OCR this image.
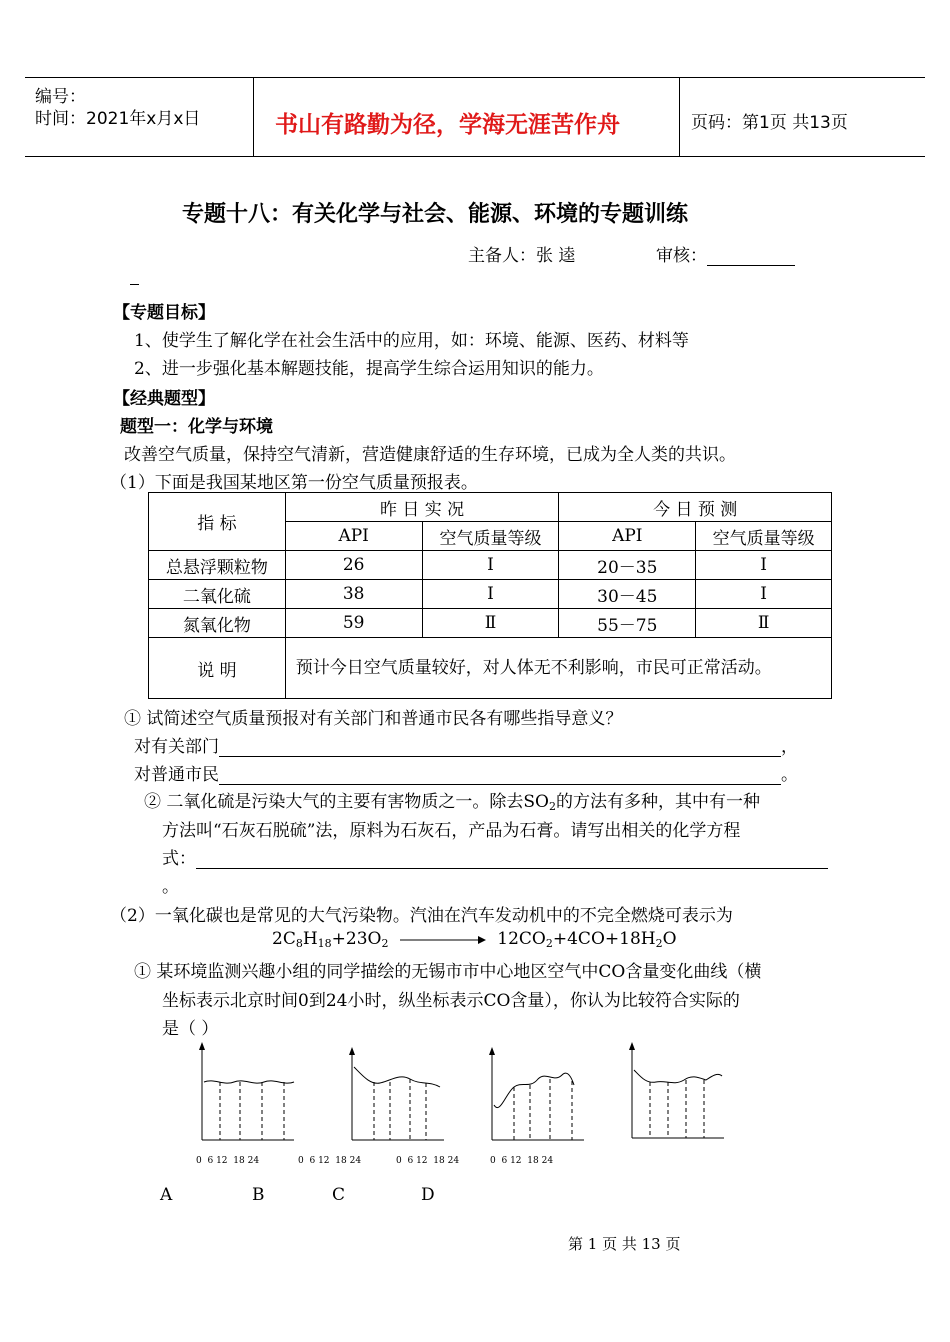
编号：
时间：2021年x月x日	书山有路勤为径，学海无涯苦作舟	页码：第1页 共13页
专题十八：有关化学与社会、能源、环境的专题训练
主备人：张 逵	审核：
【专题目标】
1、使学生了解化学在社会生活中的应用，如：环境、能源、医药、材料等
2、进一步强化基本解题技能，提高学生综合运用知识的能力。
【经典题型】
题型一：化学与环境
改善空气质量，保持空气清新，营造健康舒适的生存环境，已成为全人类的共识。
（1）下面是我国某地区第一份空气质量预报表。
指 标	昨 日 实 况		今 日 预 测	
	API	空气质量等级	API	空气质量等级
总悬浮颗粒物	26	Ⅰ	20－35	Ⅰ
二氧化硫	38	Ⅰ	30－45	Ⅰ
氮氧化物	59	Ⅱ	55－75	Ⅱ
说 明	预计今日空气质量较好，对人体无不利影响，市民可正常活动。			
① 试简述空气质量预报对有关部门和普通市民各有哪些指导意义？
对有关部门	，
对普通市民	。
② 二氧化硫是污染大气的主要有害物质之一。除去$SO_2$的方法有多种，其中有一种
方法叫“石灰石脱硫”法，原料为石灰石，产品为石膏。请写出相关的化学方程
式：
。
（2）一氧化碳也是常见的大气污染物。汽油在汽车发动机中的不完全燃烧可表示为
$2C_8H_{18}+23O_2$	$12CO_2+4CO+18H_2O$
① 某环境监测兴趣小组的同学描绘的无锡市市中心地区空气中CO含量变化曲线（横
坐标表示北京时间0到24小时，纵坐标表示CO含量），你认为比较符合实际的
是（ ）
0 6 12 18 24	0 6 12 18 24	0 6 12 18 24	0 6 12 18 24
A	B	C	D
第 1 页 共 13 页
